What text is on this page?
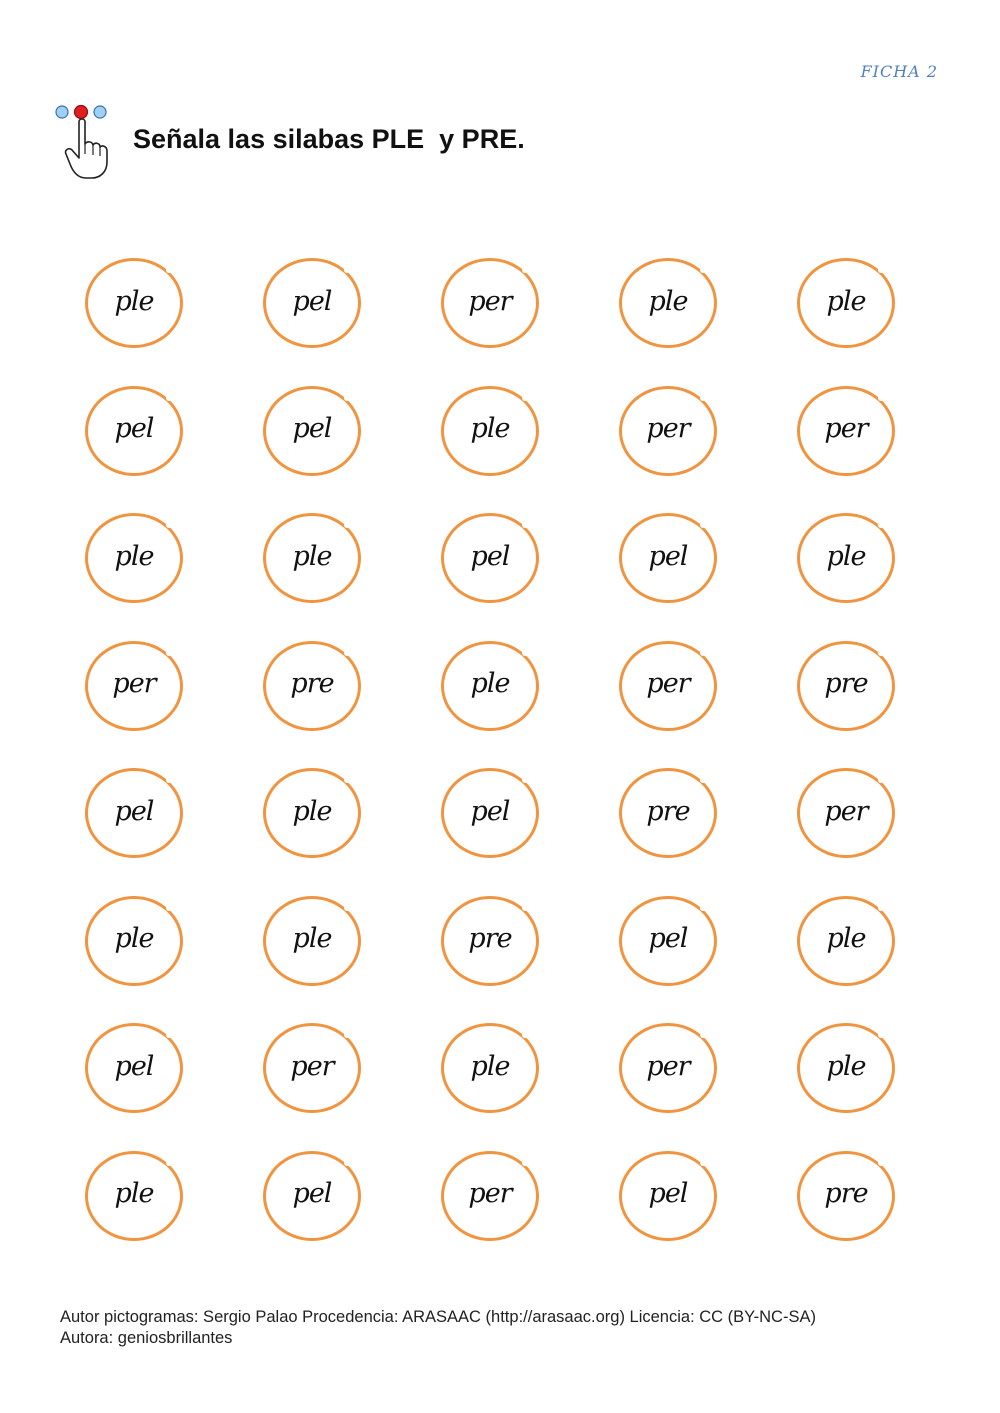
FICHA 2
Señala las silabas PLE  y PRE.
ple	pel	per	ple	ple
pel	pel	ple	per	per
ple	ple	pel	pel	ple
per	pre	ple	per	pre
pel	ple	pel	pre	per
ple	ple	pre	pel	ple
pel	per	ple	per	ple
ple	pel	per	pel	pre
Autor pictogramas: Sergio Palao Procedencia: ARASAAC (http://arasaac.org) Licencia: CC (BY-NC-SA)
Autora: geniosbrillantes
